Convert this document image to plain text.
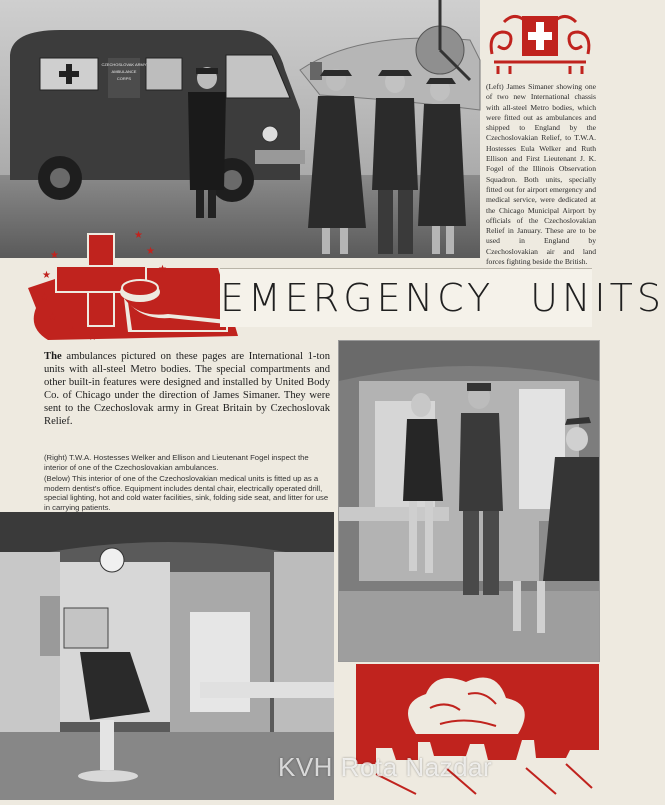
CZECHOSLOVAK ARMY
AMBULANCE
CORPS
(Left) James Simaner showing one of two new International chassis with all-steel Metro bodies, which were fitted out as ambulances and shipped to England by the Czechoslovakian Relief, to T.W.A. Hostesses Eula Welker and Ruth Ellison and First Lieutenant J. K. Fogel of the Illinois Observation Squadron. Both units, specially fitted out for airport emergency and medical service, were dedicated at the Chicago Municipal Airport by officials of the Czechoslovakian Relief in January. These are to be used in England by Czechoslovakian air and land forces fighting beside the British.
★
★
★
★
★
★
★
★
★
EMERGENCY UNITS
The ambulances pictured on these pages are International 1-ton units with all-steel Metro bodies. The special compartments and other built-in features were designed and installed by United Body Co. of Chicago under the direction of James Simaner. They were sent to the Czechoslovak army in Great Britain by Czechoslovak Relief.
(Right) T.W.A. Hostesses Welker and Ellison and Lieutenant Fogel inspect the interior of one of the Czechoslovakian ambulances.
(Below) This interior of one of the Czechoslovakian medical units is fitted up as a modern dentist's office. Equipment includes dental chair, electrically operated drill, special lighting, hot and cold water facilities, sink, folding side seat, and litter for use in carrying patients.
KVH Rota Nazdar
